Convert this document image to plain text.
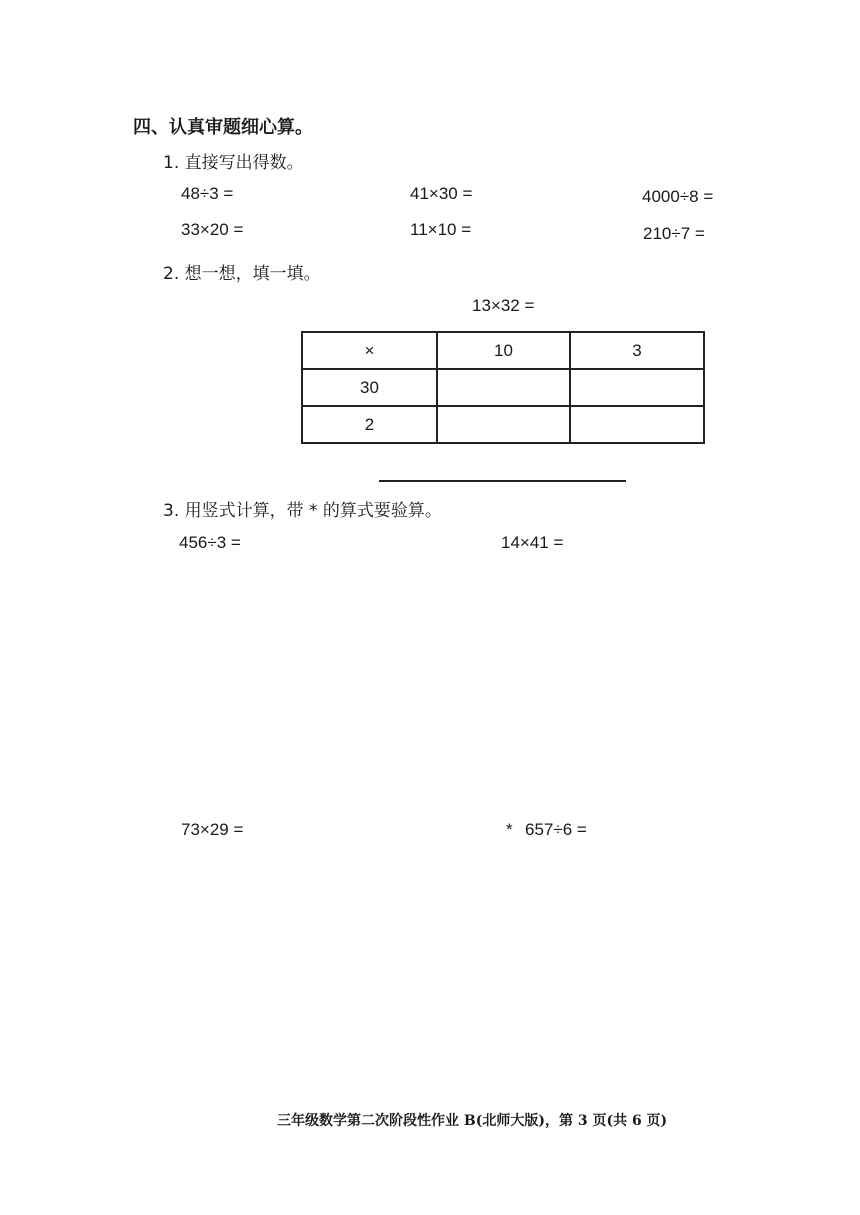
四、认真审题细心算。
1. 直接写出得数。
48÷3 =	41×30 =	4000÷8 =
33×20 =	11×10 =	210÷7 =
2. 想一想，填一填。
13×32 =
×	10	3
30		
2		
3. 用竖式计算，带 * 的算式要验算。
456÷3 =	14×41 =
73×29 =	* 657÷6 =
三年级数学第二次阶段性作业 B(北师大版)，第 3 页(共 6 页)
